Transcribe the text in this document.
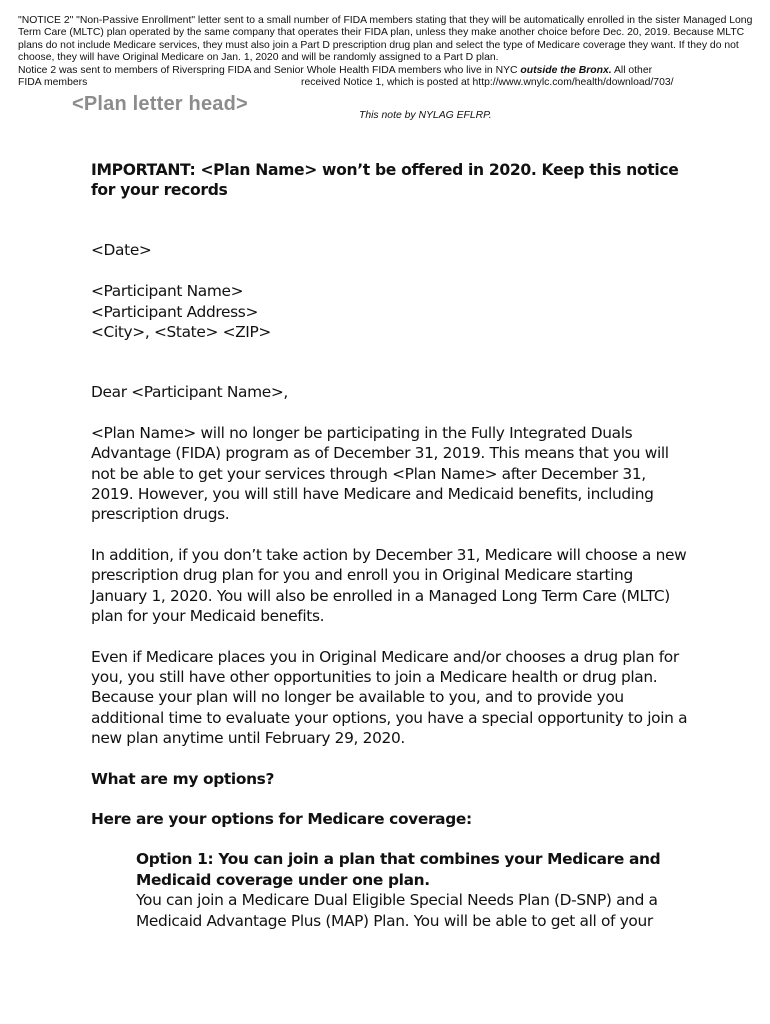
"NOTICE 2" "Non-Passive Enrollment" letter sent to a small number of FIDA members stating that they will be automatically enrolled in the sister Managed Long Term Care (MLTC) plan operated by the same company that operates their FIDA plan, unless they make another choice before Dec. 20, 2019. Because MLTC plans do not include Medicare services, they must also join a Part D prescription drug plan and select the type of Medicare coverage they want. If they do not choose, they will have Original Medicare on Jan. 1, 2020 and will be randomly assigned to a Part D plan.

Notice 2 was sent to members of Riverspring FIDA and Senior Whole Health FIDA members who live in NYC outside the Bronx. All other

FIDA members	received Notice 1, which is posted at http://www.wnylc.com/health/download/703/

<Plan letter head>
This note by NYLAG EFLRP.

IMPORTANT: <Plan Name> won’t be offered in 2020. Keep this notice for your records

<Date>

<Participant Name>

<Participant Address>

<City>, <State> <ZIP>

Dear <Participant Name>,

<Plan Name> will no longer be participating in the Fully Integrated Duals Advantage (FIDA) program as of December 31, 2019. This means that you will not be able to get your services through <Plan Name> after December 31, 2019. However, you will still have Medicare and Medicaid benefits, including prescription drugs.

In addition, if you don’t take action by December 31, Medicare will choose a new prescription drug plan for you and enroll you in Original Medicare starting January 1, 2020. You will also be enrolled in a Managed Long Term Care (MLTC) plan for your Medicaid benefits.

Even if Medicare places you in Original Medicare and/or chooses a drug plan for you, you still have other opportunities to join a Medicare health or drug plan. Because your plan will no longer be available to you, and to provide you additional time to evaluate your options, you have a special opportunity to join a new plan anytime until February 29, 2020.

What are my options?

Here are your options for Medicare coverage:

Option 1: You can join a plan that combines your Medicare and Medicaid coverage under one plan.

You can join a Medicare Dual Eligible Special Needs Plan (D-SNP) and a Medicaid Advantage Plus (MAP) Plan. You will be able to get all of your
